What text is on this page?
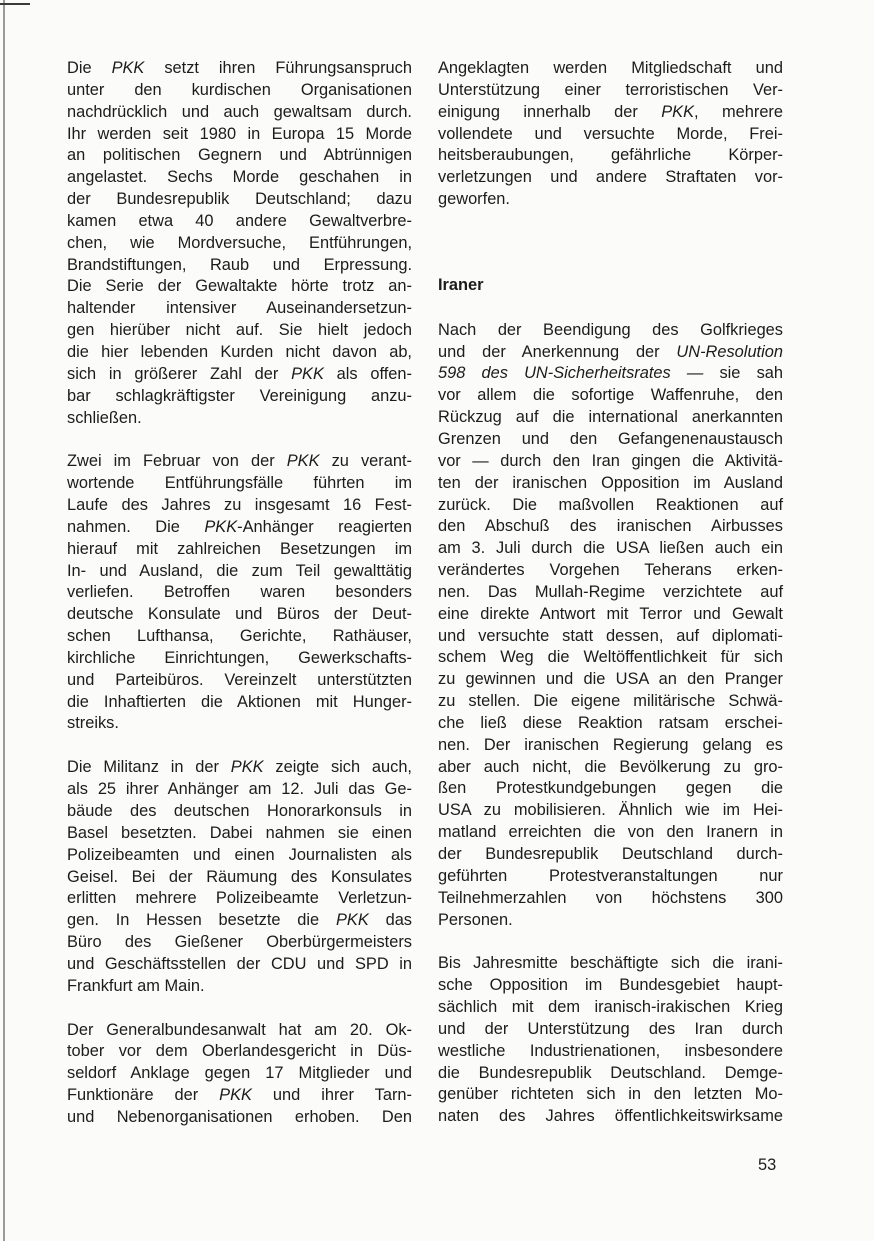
Die PKK setzt ihren Führungsanspruch
unter den kurdischen Organisationen
nachdrücklich und auch gewaltsam durch.
Ihr werden seit 1980 in Europa 15 Morde
an politischen Gegnern und Abtrünnigen
angelastet. Sechs Morde geschahen in
der Bundesrepublik Deutschland; dazu
kamen etwa 40 andere Gewaltverbre-
chen, wie Mordversuche, Entführungen,
Brandstiftungen, Raub und Erpressung.
Die Serie der Gewaltakte hörte trotz an-
haltender intensiver Auseinandersetzun-
gen hierüber nicht auf. Sie hielt jedoch
die hier lebenden Kurden nicht davon ab,
sich in größerer Zahl der PKK als offen-
bar schlagkräftigster Vereinigung anzu-
schließen.
Zwei im Februar von der PKK zu verant-
wortende Entführungsfälle führten im
Laufe des Jahres zu insgesamt 16 Fest-
nahmen. Die PKK-Anhänger reagierten
hierauf mit zahlreichen Besetzungen im
In- und Ausland, die zum Teil gewalttätig
verliefen. Betroffen waren besonders
deutsche Konsulate und Büros der Deut-
schen Lufthansa, Gerichte, Rathäuser,
kirchliche Einrichtungen, Gewerkschafts-
und Parteibüros. Vereinzelt unterstützten
die Inhaftierten die Aktionen mit Hunger-
streiks.
Die Militanz in der PKK zeigte sich auch,
als 25 ihrer Anhänger am 12. Juli das Ge-
bäude des deutschen Honorarkonsuls in
Basel besetzten. Dabei nahmen sie einen
Polizeibeamten und einen Journalisten als
Geisel. Bei der Räumung des Konsulates
erlitten mehrere Polizeibeamte Verletzun-
gen. In Hessen besetzte die PKK das
Büro des Gießener Oberbürgermeisters
und Geschäftsstellen der CDU und SPD in
Frankfurt am Main.
Der Generalbundesanwalt hat am 20. Ok-
tober vor dem Oberlandesgericht in Düs-
seldorf Anklage gegen 17 Mitglieder und
Funktionäre der PKK und ihrer Tarn-
und Nebenorganisationen erhoben. Den
Angeklagten werden Mitgliedschaft und
Unterstützung einer terroristischen Ver-
einigung innerhalb der PKK, mehrere
vollendete und versuchte Morde, Frei-
heitsberaubungen, gefährliche Körper-
verletzungen und andere Straftaten vor-
geworfen.

Iraner

Nach der Beendigung des Golfkrieges
und der Anerkennung der UN-Resolution
598 des UN-Sicherheitsrates — sie sah
vor allem die sofortige Waffenruhe, den
Rückzug auf die international anerkannten
Grenzen und den Gefangenenaustausch
vor — durch den Iran gingen die Aktivitä-
ten der iranischen Opposition im Ausland
zurück. Die maßvollen Reaktionen auf
den Abschuß des iranischen Airbusses
am 3. Juli durch die USA ließen auch ein
verändertes Vorgehen Teherans erken-
nen. Das Mullah-Regime verzichtete auf
eine direkte Antwort mit Terror und Gewalt
und versuchte statt dessen, auf diplomati-
schem Weg die Weltöffentlichkeit für sich
zu gewinnen und die USA an den Pranger
zu stellen. Die eigene militärische Schwä-
che ließ diese Reaktion ratsam erschei-
nen. Der iranischen Regierung gelang es
aber auch nicht, die Bevölkerung zu gro-
ßen Protestkundgebungen gegen die
USA zu mobilisieren. Ähnlich wie im Hei-
matland erreichten die von den Iranern in
der Bundesrepublik Deutschland durch-
geführten Protestveranstaltungen nur
Teilnehmerzahlen von höchstens 300
Personen.
Bis Jahresmitte beschäftigte sich die irani-
sche Opposition im Bundesgebiet haupt-
sächlich mit dem iranisch-irakischen Krieg
und der Unterstützung des Iran durch
westliche Industrienationen, insbesondere
die Bundesrepublik Deutschland. Demge-
genüber richteten sich in den letzten Mo-
naten des Jahres öffentlichkeitswirksame
53
